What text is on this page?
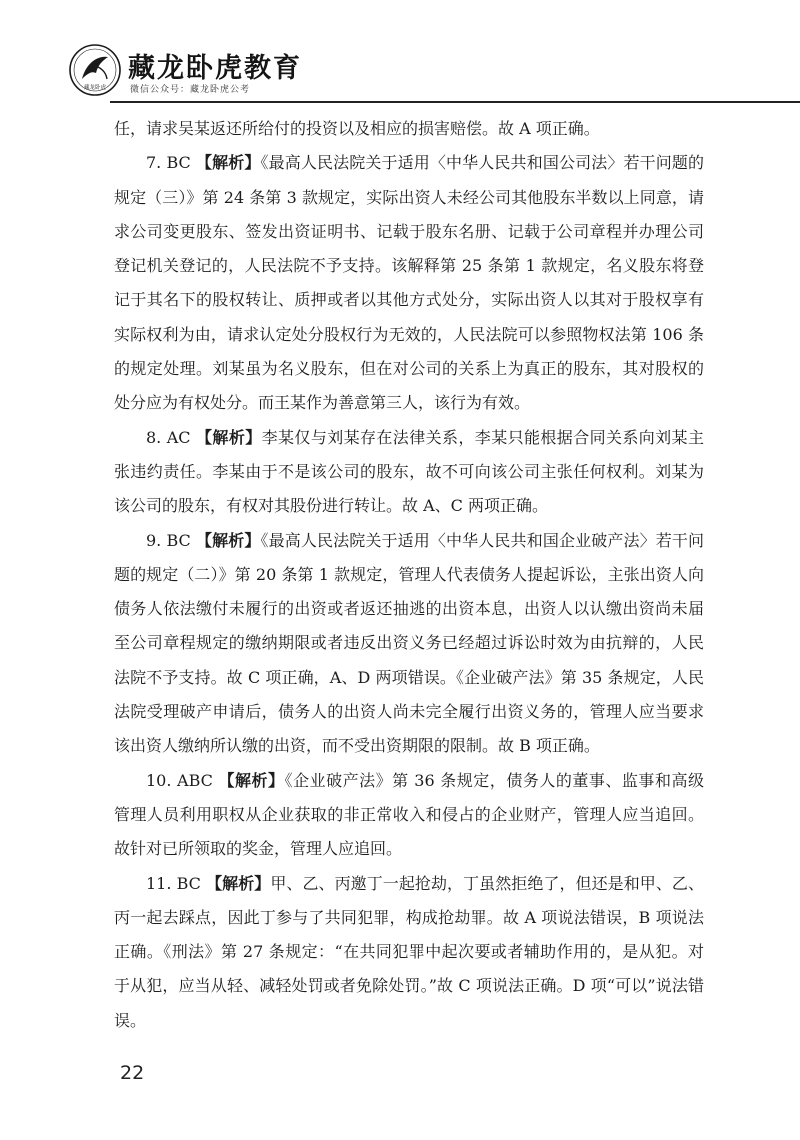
藏龙卧虎
藏龙卧虎教育
微信公众号：藏龙卧虎公考

任，请求吴某返还所给付的投资以及相应的损害赔偿。故 A 项正确。

7. BC 【解析】《最高人民法院关于适用〈中华人民共和国公司法〉若干问题的规定（三）》第 24 条第 3 款规定，实际出资人未经公司其他股东半数以上同意，请求公司变更股东、签发出资证明书、记载于股东名册、记载于公司章程并办理公司登记机关登记的，人民法院不予支持。该解释第 25 条第 1 款规定，名义股东将登记于其名下的股权转让、质押或者以其他方式处分，实际出资人以其对于股权享有实际权利为由，请求认定处分股权行为无效的，人民法院可以参照物权法第 106 条的规定处理。刘某虽为名义股东，但在对公司的关系上为真正的股东，其对股权的处分应为有权处分。而王某作为善意第三人，该行为有效。

8. AC 【解析】李某仅与刘某存在法律关系，李某只能根据合同关系向刘某主张违约责任。李某由于不是该公司的股东，故不可向该公司主张任何权利。刘某为该公司的股东，有权对其股份进行转让。故 A、C 两项正确。

9. BC 【解析】《最高人民法院关于适用〈中华人民共和国企业破产法〉若干问题的规定（二）》第 20 条第 1 款规定，管理人代表债务人提起诉讼，主张出资人向债务人依法缴付未履行的出资或者返还抽逃的出资本息，出资人以认缴出资尚未届至公司章程规定的缴纳期限或者违反出资义务已经超过诉讼时效为由抗辩的，人民法院不予支持。故 C 项正确，A、D 两项错误。《企业破产法》第 35 条规定，人民法院受理破产申请后，债务人的出资人尚未完全履行出资义务的，管理人应当要求该出资人缴纳所认缴的出资，而不受出资期限的限制。故 B 项正确。

10. ABC 【解析】《企业破产法》第 36 条规定，债务人的董事、监事和高级管理人员利用职权从企业获取的非正常收入和侵占的企业财产，管理人应当追回。故针对已所领取的奖金，管理人应追回。

11. BC 【解析】甲、乙、丙邀丁一起抢劫，丁虽然拒绝了，但还是和甲、乙、丙一起去踩点，因此丁参与了共同犯罪，构成抢劫罪。故 A 项说法错误，B 项说法正确。《刑法》第 27 条规定：“在共同犯罪中起次要或者辅助作用的，是从犯。对于从犯，应当从轻、减轻处罚或者免除处罚。”故 C 项说法正确。D 项“可以”说法错误。

22
